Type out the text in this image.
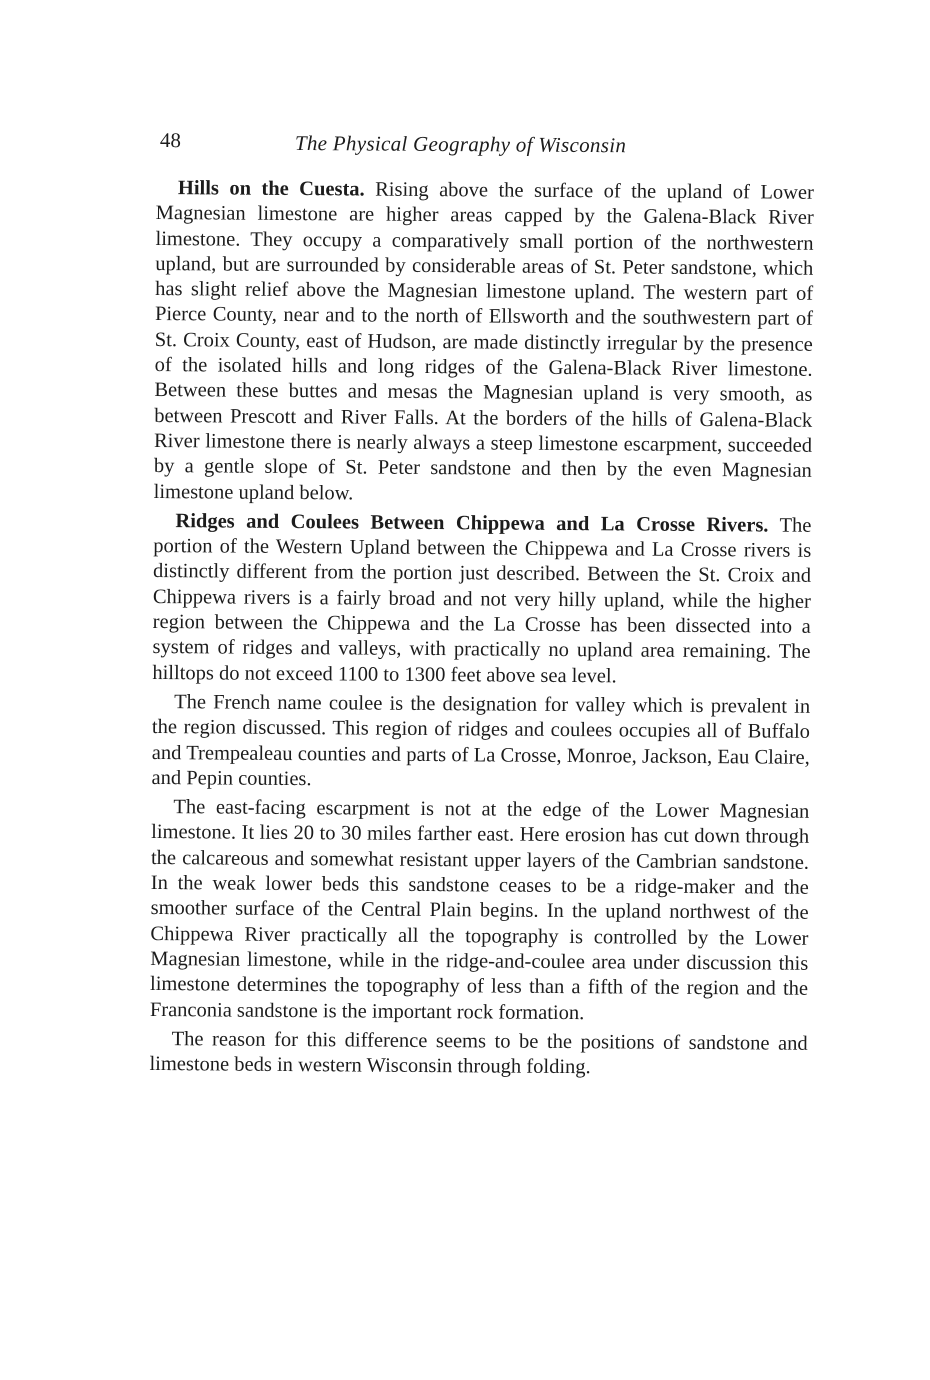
48	The Physical Geography of Wisconsin

Hills on the Cuesta. Rising above the surface of the upland of Lower Magnesian limestone are higher areas capped by the Galena-Black River limestone. They occupy a comparatively small portion of the northwestern upland, but are surrounded by considerable areas of St. Peter sandstone, which has slight relief above the Magnesian limestone upland. The western part of Pierce County, near and to the north of Ellsworth and the southwestern part of St. Croix County, east of Hudson, are made distinctly irregular by the presence of the isolated hills and long ridges of the Galena-Black River limestone. Between these buttes and mesas the Magnesian upland is very smooth, as between Prescott and River Falls. At the borders of the hills of Galena-Black River limestone there is nearly always a steep limestone escarpment, succeeded by a gentle slope of St. Peter sandstone and then by the even Magnesian limestone upland below.

Ridges and Coulees Between Chippewa and La Crosse Rivers. The portion of the Western Upland between the Chippewa and La Crosse rivers is distinctly different from the portion just described. Between the St. Croix and Chippewa rivers is a fairly broad and not very hilly upland, while the higher region between the Chippewa and the La Crosse has been dissected into a system of ridges and valleys, with practically no upland area remaining. The hilltops do not exceed 1100 to 1300 feet above sea level.

The French name coulee is the designation for valley which is prevalent in the region discussed. This region of ridges and coulees occupies all of Buffalo and Trempealeau counties and parts of La Crosse, Monroe, Jackson, Eau Claire, and Pepin counties.

The east-facing escarpment is not at the edge of the Lower Magnesian limestone. It lies 20 to 30 miles farther east. Here erosion has cut down through the calcareous and somewhat resistant upper layers of the Cambrian sandstone. In the weak lower beds this sandstone ceases to be a ridge-maker and the smoother surface of the Central Plain begins. In the upland northwest of the Chippewa River practically all the topography is controlled by the Lower Magnesian limestone, while in the ridge-and-coulee area under discussion this limestone determines the topography of less than a fifth of the region and the Franconia sandstone is the important rock formation.

The reason for this difference seems to be the positions of sandstone and limestone beds in western Wisconsin through folding.
